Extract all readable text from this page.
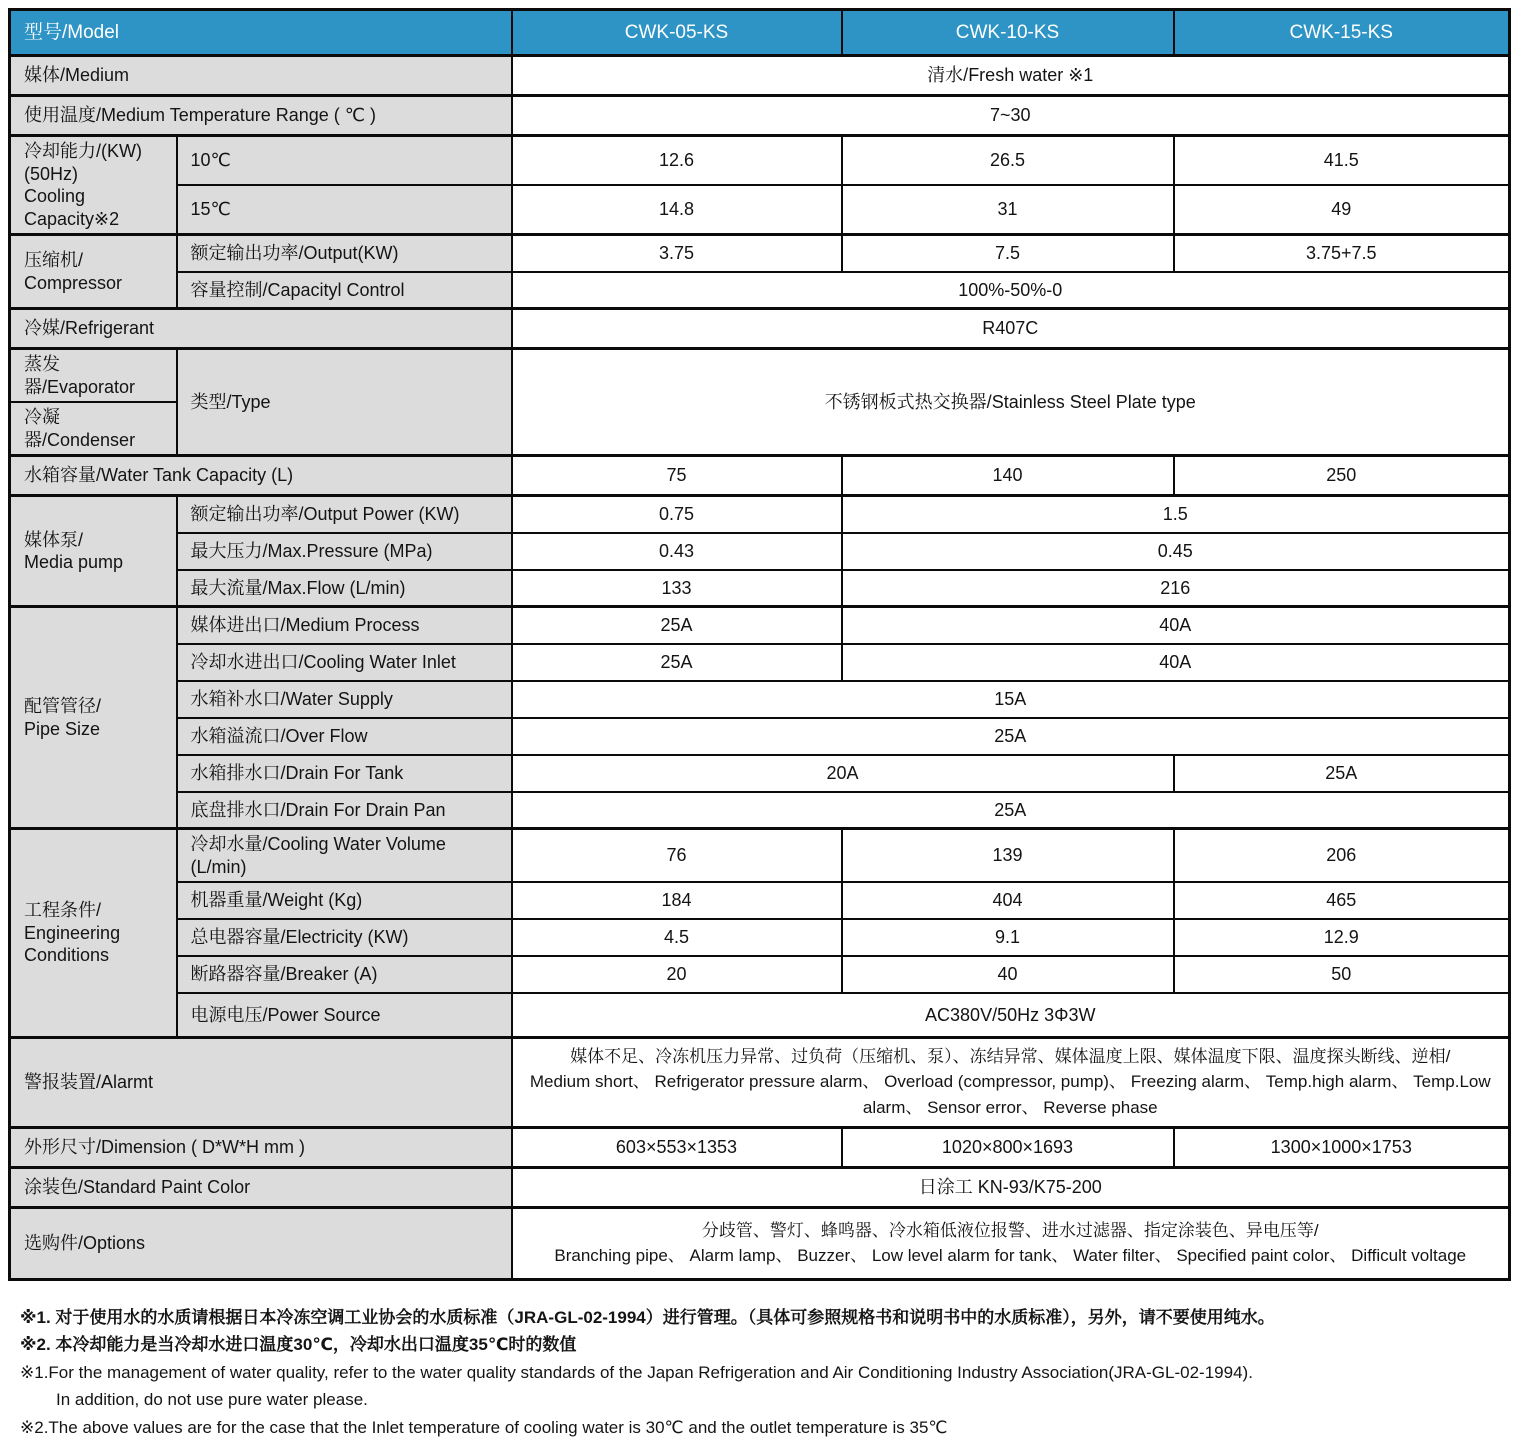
型号/Model		CWK-05-KS	CWK-10-KS	CWK-15-KS
媒体/Medium		清水/Fresh water ※1		
使用温度/Medium Temperature Range ( ℃ )		7~30		

冷却能力/(KW)(50Hz)
Cooling Capacity※2	10℃	12.6	26.5	41.5
	15℃	14.8	31	49

压缩机/
Compressor	额定输出功率/Output(KW)	3.75	7.5	3.75+7.5
	容量控制/Capacityl Control	100%-50%-0		
冷媒/Refrigerant		R407C		
蒸发器/Evaporator	类型/Type	不锈钢板式热交换器/Stainless Steel Plate type		
冷凝器/Condenser				
水箱容量/Water Tank Capacity (L)		75	140	250

媒体泵/
Media pump	额定输出功率/Output Power (KW)	0.75	1.5	
	最大压力/Max.Pressure (MPa)	0.43	0.45	
	最大流量/Max.Flow (L/min)	133	216	

配管管径/
Pipe Size	媒体进出口/Medium Process	25A	40A	
	冷却水进出口/Cooling Water Inlet	25A	40A	
	水箱补水口/Water Supply	15A		
	水箱溢流口/Over Flow	25A		
	水箱排水口/Drain For Tank	20A		25A
	底盘排水口/Drain For Drain Pan	25A		

工程条件/
Engineering Conditions	冷却水量/Cooling Water Volume (L/min)	76	139	206
	机器重量/Weight (Kg)	184	404	465
	总电器容量/Electricity (KW)	4.5	9.1	12.9
	断路器容量/Breaker (A)	20	40	50
	电源电压/Power Source	AC380V/50Hz 3Φ3W		
警报装置/Alarmt		媒体不足、冷冻机压力异常、过负荷（压缩机、泵）、冻结异常、媒体温度上限、媒体温度下限、温度探头断线、逆相/
Medium short、 Refrigerator pressure alarm、 Overload (compressor, pump)、 Freezing alarm、 Temp.high alarm、 Temp.Low alarm、 Sensor error、 Reverse phase		

外形尺寸/Dimension ( D*W*H mm )		603×553×1353	1020×800×1693	1300×1000×1753
涂装色/Standard Paint Color		日涂工 KN-93/K75-200		
选购件/Options		分歧管、警灯、蜂鸣器、冷水箱低液位报警、进水过滤器、指定涂装色、异电压等/
Branching pipe、 Alarm lamp、 Buzzer、 Low level alarm for tank、 Water filter、 Specified paint color、 Difficult voltage		

※1. 对于使用水的水质请根据日本冷冻空调工业协会的水质标准（JRA-GL-02-1994）进行管理。（具体可参照规格书和说明书中的水质标准），另外，请不要使用纯水。

※2. 本冷却能力是当冷却水进口温度30℃，冷却水出口温度35℃时的数值

※1.For the management of water quality, refer to the water quality standards of the Japan Refrigeration and Air Conditioning Industry Association(JRA-GL-02-1994).

In addition, do not use pure water please.

※2.The above values are for the case that the Inlet temperature of cooling water is 30℃ and the outlet temperature is 35℃
